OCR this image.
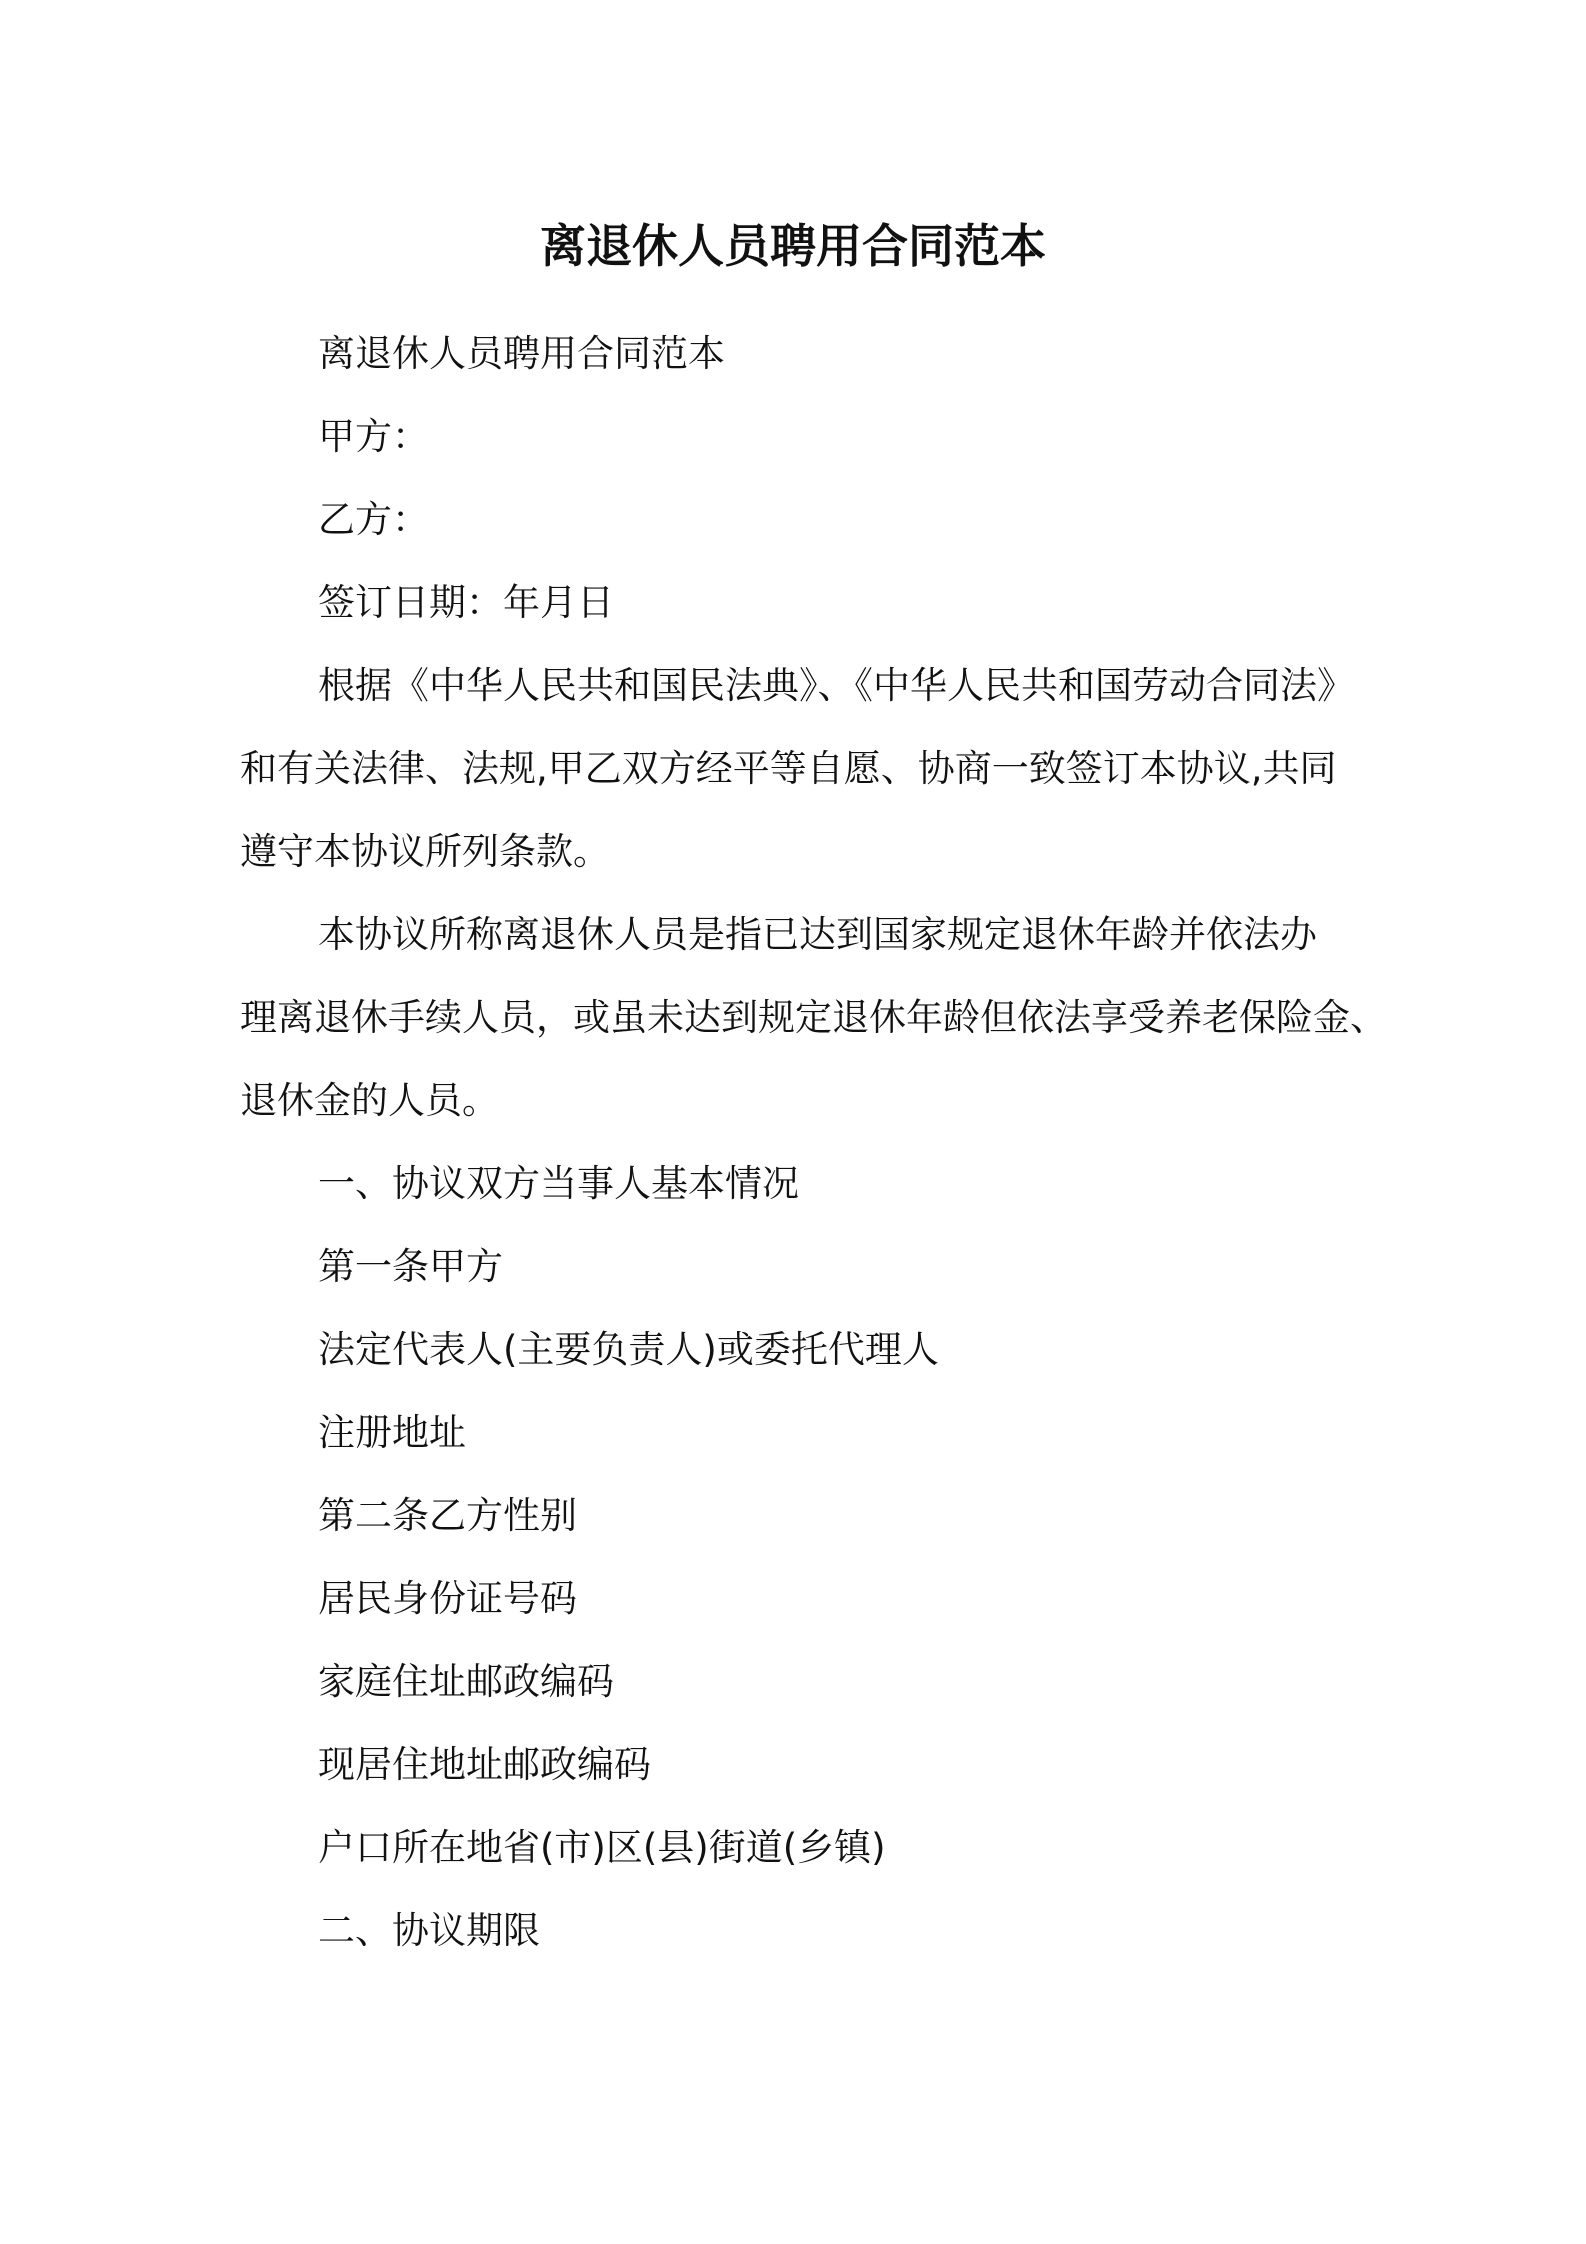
离退休人员聘用合同范本

离退休人员聘用合同范本

甲方：

乙方：

签订日期：年月日

根据《中华人民共和国民法典》、《中华人民共和国劳动合同法》

和有关法律、法规,甲乙双方经平等自愿、协商一致签订本协议,共同

遵守本协议所列条款。

本协议所称离退休人员是指已达到国家规定退休年龄并依法办

理离退休手续人员，或虽未达到规定退休年龄但依法享受养老保险金、

退休金的人员。

一、协议双方当事人基本情况

第一条甲方

法定代表人(主要负责人)或委托代理人

注册地址

第二条乙方性别

居民身份证号码

家庭住址邮政编码

现居住地址邮政编码

户口所在地省(市)区(县)街道(乡镇)

二、协议期限
